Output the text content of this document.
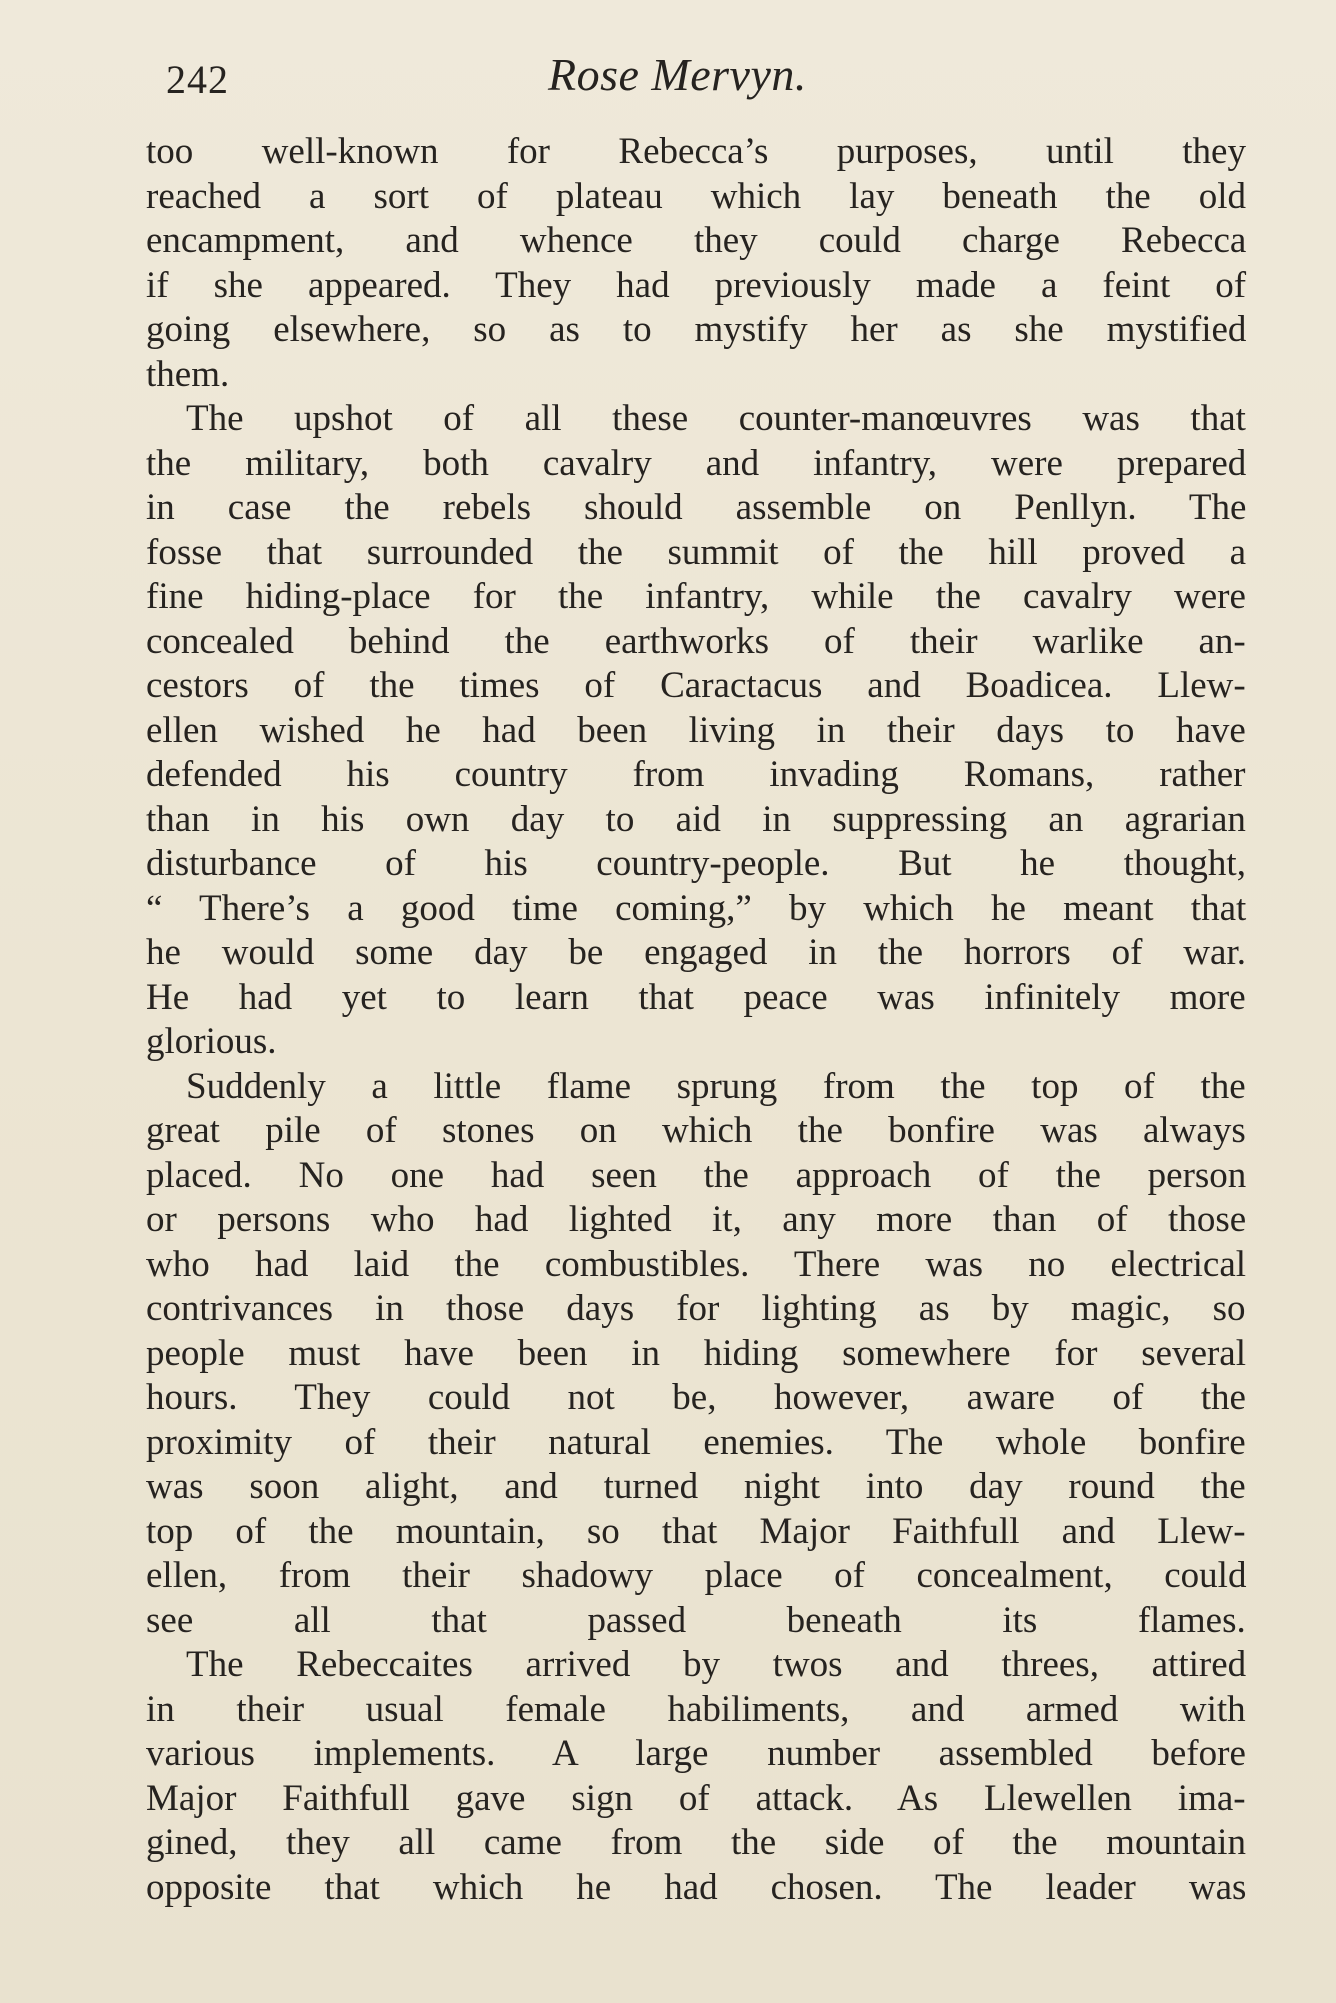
242	Rose Mervyn.
too well-known for Rebecca’s purposes, until they
reached a sort of plateau which lay beneath the old
encampment, and whence they could charge Rebecca
if she appeared. They had previously made a feint of
going elsewhere, so as to mystify her as she mystified
them.
The upshot of all these counter-manœuvres was that
the military, both cavalry and infantry, were prepared
in case the rebels should assemble on Penllyn. The
fosse that surrounded the summit of the hill proved a
fine hiding-place for the infantry, while the cavalry were
concealed behind the earthworks of their warlike an-
cestors of the times of Caractacus and Boadicea. Llew-
ellen wished he had been living in their days to have
defended his country from invading Romans, rather
than in his own day to aid in suppressing an agrarian
disturbance of his country-people. But he thought,
“ There’s a good time coming,” by which he meant that
he would some day be engaged in the horrors of war.
He had yet to learn that peace was infinitely more
glorious.
Suddenly a little flame sprung from the top of the
great pile of stones on which the bonfire was always
placed. No one had seen the approach of the person
or persons who had lighted it, any more than of those
who had laid the combustibles. There was no electrical
contrivances in those days for lighting as by magic, so
people must have been in hiding somewhere for several
hours. They could not be, however, aware of the
proximity of their natural enemies. The whole bonfire
was soon alight, and turned night into day round the
top of the mountain, so that Major Faithfull and Llew-
ellen, from their shadowy place of concealment, could
see all that passed beneath its flames.
The Rebeccaites arrived by twos and threes, attired
in their usual female habiliments, and armed with
various implements. A large number assembled before
Major Faithfull gave sign of attack. As Llewellen ima-
gined, they all came from the side of the mountain
opposite that which he had chosen. The leader was
